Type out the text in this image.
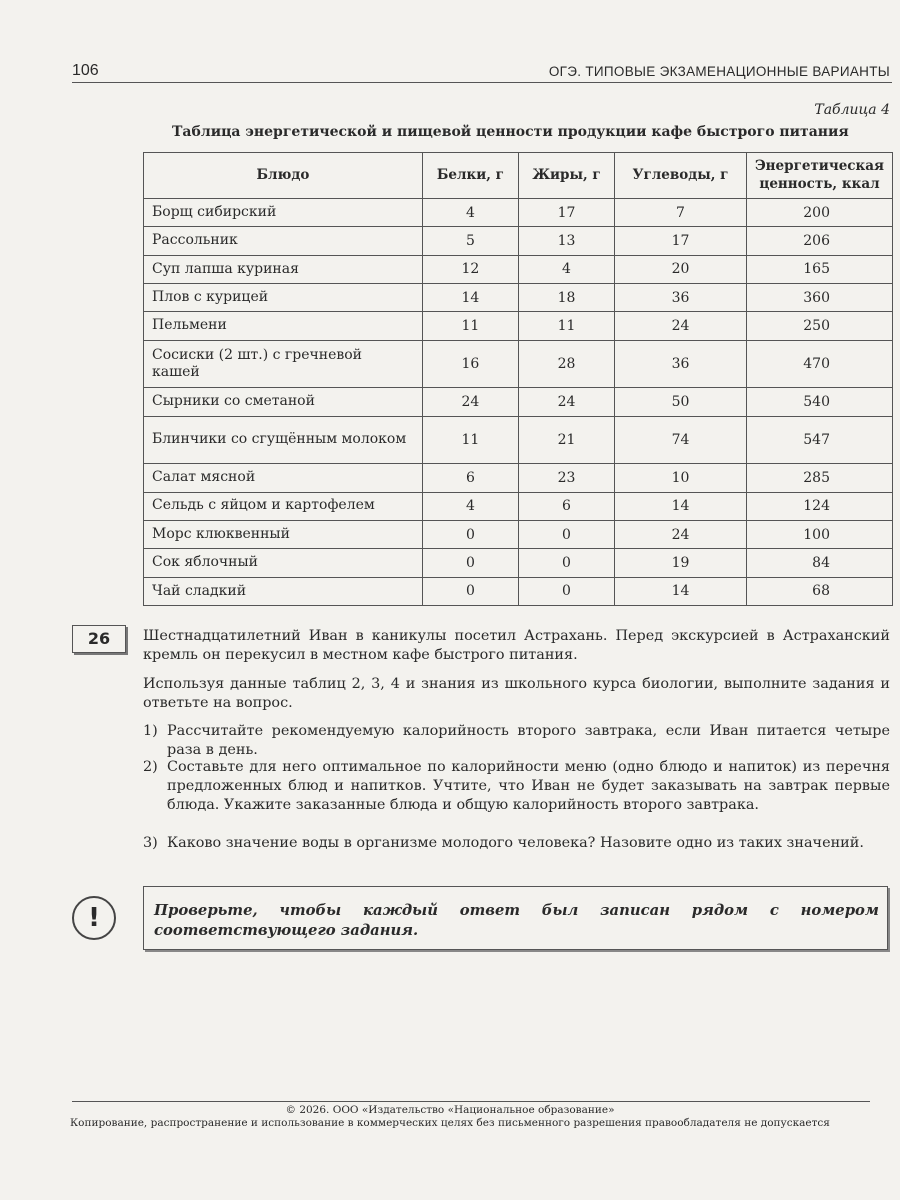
106	ОГЭ. ТИПОВЫЕ ЭКЗАМЕНАЦИОННЫЕ ВАРИАНТЫ
Таблица 4
Таблица энергетической и пищевой ценности продукции кафе быстрого питания
Блюдо	Белки, г	Жиры, г	Углеводы, г	Энергетическая
ценность, ккал
Борщ сибирский	4	17	7	200
Рассольник	5	13	17	206
Суп лапша куриная	12	4	20	165
Плов с курицей	14	18	36	360
Пельмени	11	11	24	250
Сосиски (2 шт.) с гречневой кашей	16	28	36	470
Сырники со сметаной	24	24	50	540
Блинчики со сгущённым молоком	11	21	74	547
Салат мясной	6	23	10	285
Сельдь с яйцом и картофелем	4	6	14	124
Морс клюквенный	0	0	24	100
Сок яблочный	0	0	19	84
Чай сладкий	0	0	14	68
26	Шестнадцатилетний Иван в каникулы посетил Астрахань. Перед экскурсией в Астраханский кремль он перекусил в местном кафе быстрого питания.
Используя данные таблиц 2, 3, 4 и знания из школьного курса биологии, выполните задания и ответьте на вопрос.
1) Рассчитайте рекомендуемую калорийность второго завтрака, если Иван питается четыре раза в день.
2) Составьте для него оптимальное по калорийности меню (одно блюдо и напиток) из перечня предложенных блюд и напитков. Учтите, что Иван не будет заказывать на завтрак первые блюда. Укажите заказанные блюда и общую калорийность второго завтрака.
3) Каково значение воды в организме молодого человека? Назовите одно из таких значений.
!	Проверьте, чтобы каждый ответ был записан рядом с номером соответствующего задания.
© 2026. ООО «Издательство «Национальное образование»
Копирование, распространение и использование в коммерческих целях без письменного разрешения правообладателя не допускается
